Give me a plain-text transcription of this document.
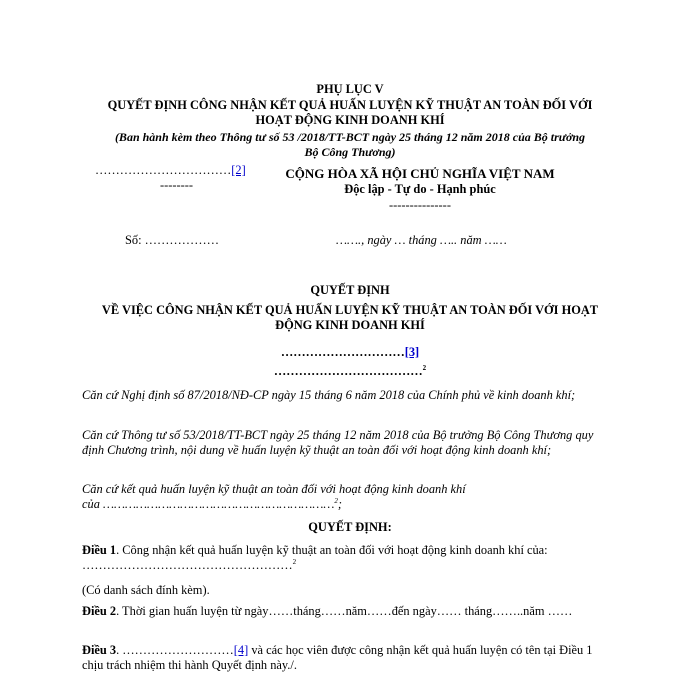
PHỤ LỤC V
QUYẾT ĐỊNH CÔNG NHẬN KẾT QUẢ HUẤN LUYỆN KỸ THUẬT AN TOÀN ĐỐI VỚI
HOẠT ĐỘNG KINH DOANH KHÍ
(Ban hành kèm theo Thông tư số 53 /2018/TT-BCT ngày 25 tháng 12 năm 2018 của Bộ trưởng
Bộ Công Thương)
……………………………[2]
--------
CỘNG HÒA XÃ HỘI CHỦ NGHĨA VIỆT NAM
Độc lập - Tự do - Hạnh phúc
---------------
Số: ………………	……., ngày … tháng ….. năm ……
QUYẾT ĐỊNH
VỀ VIỆC CÔNG NHẬN KẾT QUẢ HUẤN LUYỆN KỸ THUẬT AN TOÀN ĐỐI VỚI HOẠT
ĐỘNG KINH DOANH KHÍ
…………………………[3]
………………………………$^2$
Căn cứ Nghị định số 87/2018/NĐ-CP ngày 15 tháng 6 năm 2018 của Chính phủ về kinh doanh khí;
Căn cứ Thông tư số 53/2018/TT-BCT ngày 25 tháng 12 năm 2018 của Bộ trưởng Bộ Công Thương quy định Chương trình, nội dung về huấn luyện kỹ thuật an toàn đối với hoạt động kinh doanh khí;
Căn cứ kết quả huấn luyện kỹ thuật an toàn đối với hoạt động kinh doanh khí
của ………………………………………………………$^2$;
QUYẾT ĐỊNH:
Điều 1. Công nhận kết quả huấn luyện kỹ thuật an toàn đối với hoạt động kinh doanh khí của:
……………………………………………$^2$
(Có danh sách đính kèm).
Điều 2. Thời gian huấn luyện từ ngày……tháng……năm……đến ngày…… tháng……..năm ……
Điều 3. ………………………[4] và các học viên được công nhận kết quả huấn luyện có tên tại Điều 1 chịu trách nhiệm thi hành Quyết định này./.
